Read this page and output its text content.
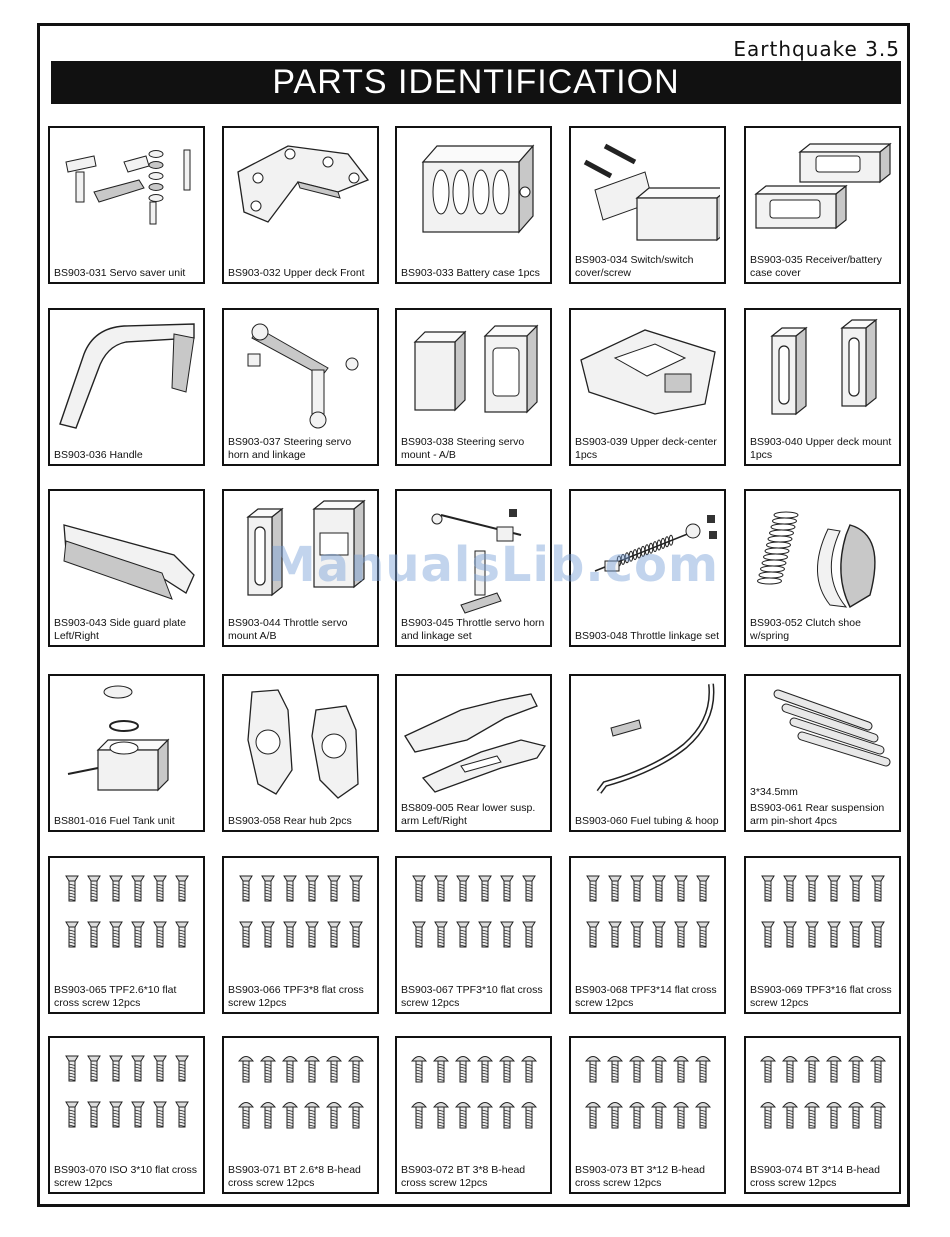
Earthquake 3.5
PARTS IDENTIFICATION
BS903-031 Servo saver unit	BS903-032 Upper deck Front	BS903-033 Battery case 1pcs
BS903-034 Switch/switch cover/screw
BS903-035 Receiver/battery case cover
BS903-036 Handle
BS903-037 Steering servo horn and linkage
BS903-038 Steering servo mount - A/B
BS903-039 Upper deck-center 1pcs
BS903-040 Upper deck mount 1pcs
BS903-043 Side guard plate Left/Right
BS903-044 Throttle servo mount A/B
BS903-045 Throttle servo horn and linkage set	BS903-048 Throttle linkage set
BS903-052 Clutch shoe w/spring
BS801-016 Fuel Tank unit	BS903-058 Rear hub 2pcs
BS809-005 Rear lower susp. arm Left/Right	BS903-060 Fuel tubing & hoop
3*34.5mm
BS903-061 Rear suspension arm pin-short 4pcs
BS903-065 TPF2.6*10 flat cross screw 12pcs
BS903-066 TPF3*8 flat cross screw 12pcs
BS903-067 TPF3*10 flat cross screw 12pcs
BS903-068 TPF3*14 flat cross screw 12pcs
BS903-069 TPF3*16 flat cross screw 12pcs
BS903-070 ISO 3*10 flat cross screw 12pcs
BS903-071 BT 2.6*8 B-head cross screw 12pcs
BS903-072 BT 3*8 B-head cross screw 12pcs
BS903-073 BT 3*12 B-head cross screw 12pcs
BS903-074 BT 3*14 B-head cross screw 12pcs
ManualsLib.com
